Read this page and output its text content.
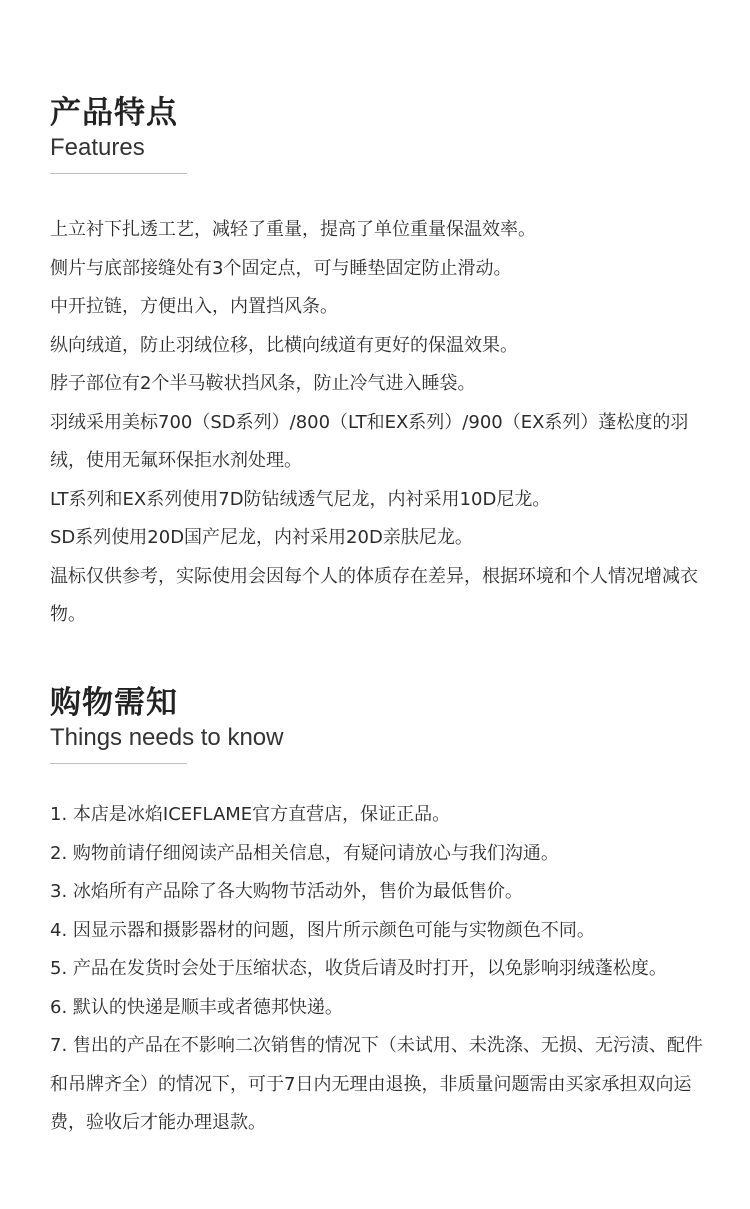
产品特点
Features
上立衬下扎透工艺，减轻了重量，提高了单位重量保温效率。
侧片与底部接缝处有3个固定点，可与睡垫固定防止滑动。
中开拉链，方便出入，内置挡风条。
纵向绒道，防止羽绒位移，比横向绒道有更好的保温效果。
脖子部位有2个半马鞍状挡风条，防止冷气进入睡袋。
羽绒采用美标700（SD系列）/800（LT和EX系列）/900（EX系列）蓬松度的羽绒，使用无氟环保拒水剂处理。
LT系列和EX系列使用7D防钻绒透气尼龙，内衬采用10D尼龙。
SD系列使用20D国产尼龙，内衬采用20D亲肤尼龙。
温标仅供参考，实际使用会因每个人的体质存在差异，根据环境和个人情况增减衣物。
购物需知
Things needs to know
1. 本店是冰焰ICEFLAME官方直营店，保证正品。
2. 购物前请仔细阅读产品相关信息，有疑问请放心与我们沟通。
3. 冰焰所有产品除了各大购物节活动外，售价为最低售价。
4. 因显示器和摄影器材的问题，图片所示颜色可能与实物颜色不同。
5. 产品在发货时会处于压缩状态，收货后请及时打开，以免影响羽绒蓬松度。
6. 默认的快递是顺丰或者德邦快递。
7. 售出的产品在不影响二次销售的情况下（未试用、未洗涤、无损、无污渍、配件和吊牌齐全）的情况下，可于7日内无理由退换，非质量问题需由买家承担双向运费，验收后才能办理退款。
